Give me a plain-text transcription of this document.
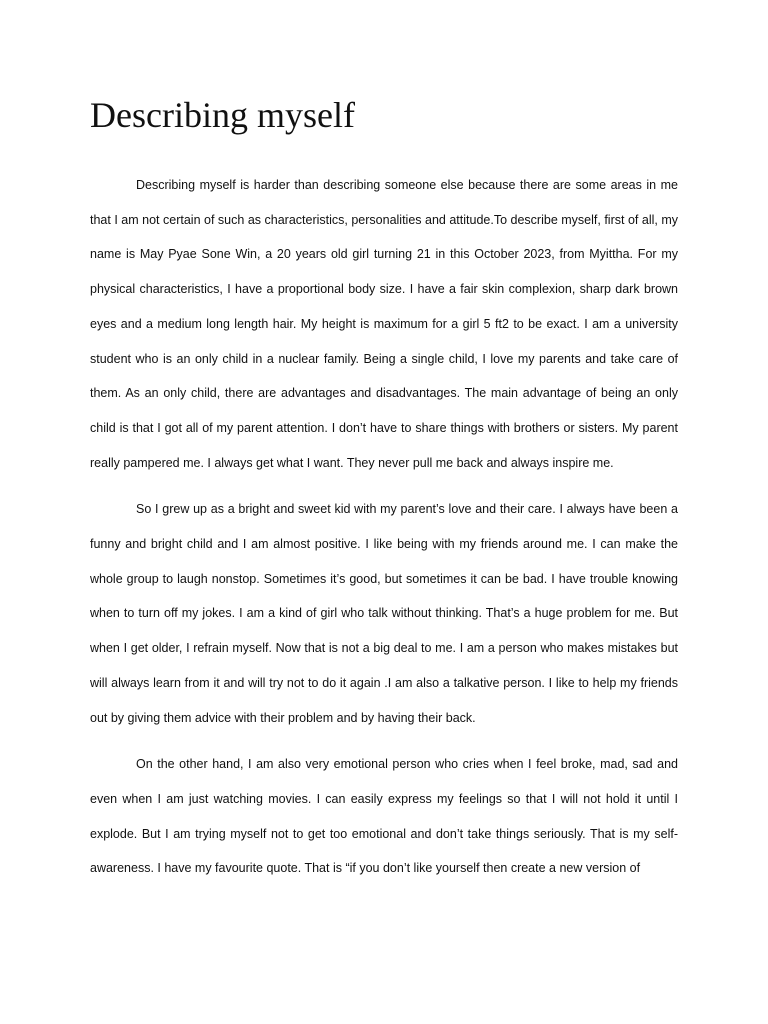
Describing myself

Describing myself is harder than describing someone else because there are some areas in me that I am not certain of such as characteristics, personalities and attitude.To describe myself, first of all, my name is May Pyae Sone Win, a 20 years old girl turning 21 in this October 2023, from Myittha. For my physical characteristics, I have a proportional body size. I have a fair skin complexion, sharp dark brown eyes and a medium long length hair. My height is maximum for a girl 5 ft2 to be exact. I am a university student who is an only child in a nuclear family. Being a single child, I love my parents and take care of them. As an only child, there are advantages and disadvantages. The main advantage of being an only child is that I got all of my parent attention. I don’t have to share things with brothers or sisters. My parent really pampered me. I always get what I want. They never pull me back and always inspire me.

So I grew up as a bright and sweet kid with my parent’s love and their care. I always have been a funny and bright child and I am almost positive. I like being with my friends around me. I can make the whole group to laugh nonstop. Sometimes it’s good, but sometimes it can be bad. I have trouble knowing when to turn off my jokes. I am a kind of girl who talk without thinking. That’s a huge problem for me. But when I get older, I refrain myself. Now that is not a big deal to me. I am a person who makes mistakes but will always learn from it and will try not to do it again .I am also a talkative person. I like to help my friends out by giving them advice with their problem and by having their back.

On the other hand, I am also very emotional person who cries when I feel broke, mad, sad and even when I am just watching movies. I can easily express my feelings so that I will not hold it until I explode. But I am trying myself not to get too emotional and don’t take things seriously. That is my self-awareness. I have my favourite quote. That is “if you don’t like yourself then create a new version of
